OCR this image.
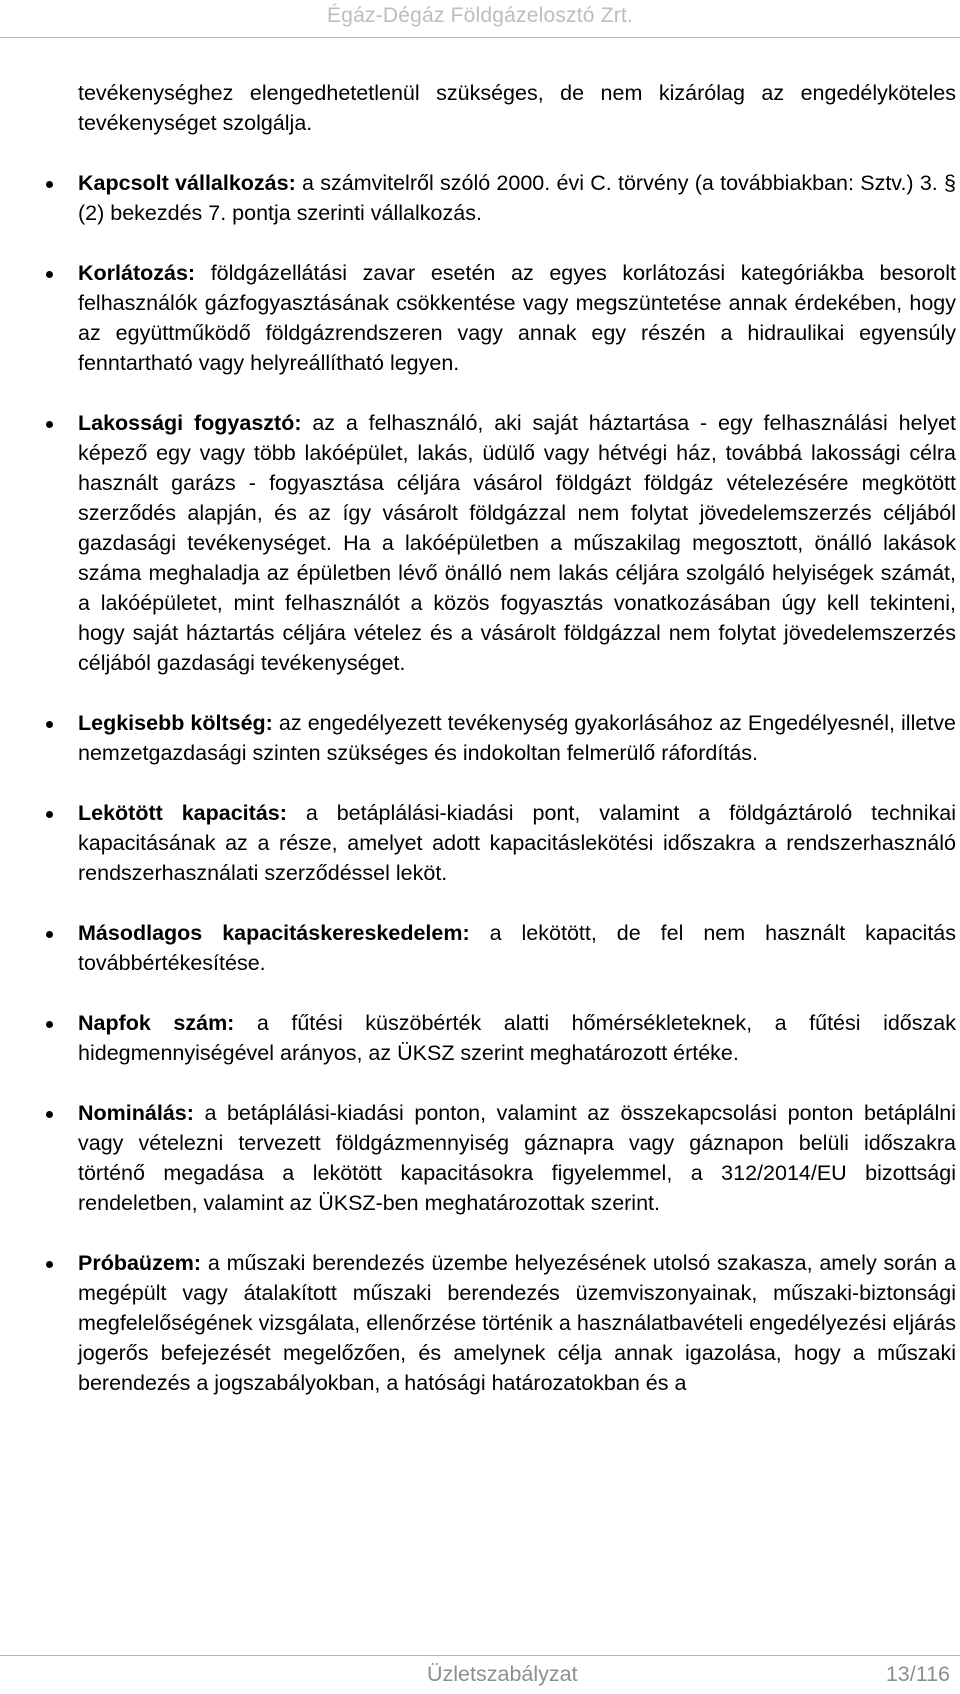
Égáz-Dégáz Földgázelosztó Zrt.

tevékenységhez elengedhetetlenül szükséges, de nem kizárólag az engedélyköteles tevékenységet szolgálja.

Kapcsolt vállalkozás: a számvitelről szóló 2000. évi C. törvény (a továbbiakban: Sztv.) 3. § (2) bekezdés 7. pontja szerinti vállalkozás.
Korlátozás: földgázellátási zavar esetén az egyes korlátozási kategóriákba besorolt felhasználók gázfogyasztásának csökkentése vagy megszüntetése annak érdekében, hogy az együttműködő földgázrendszeren vagy annak egy részén a hidraulikai egyensúly fenntartható vagy helyreállítható legyen.
Lakossági fogyasztó: az a felhasználó, aki saját háztartása - egy felhasználási helyet képező egy vagy több lakóépület, lakás, üdülő vagy hétvégi ház, továbbá lakossági célra használt garázs - fogyasztása céljára vásárol földgázt földgáz vételezésére megkötött szerződés alapján, és az így vásárolt földgázzal nem folytat jövedelemszerzés céljából gazdasági tevékenységet. Ha a lakóépületben a műszakilag megosztott, önálló lakások száma meghaladja az épületben lévő önálló nem lakás céljára szolgáló helyiségek számát, a lakóépületet, mint felhasználót a közös fogyasztás vonatkozásában úgy kell tekinteni, hogy saját háztartás céljára vételez és a vásárolt földgázzal nem folytat jövedelemszerzés céljából gazdasági tevékenységet.
Legkisebb költség: az engedélyezett tevékenység gyakorlásához az Engedélyesnél, illetve nemzetgazdasági szinten szükséges és indokoltan felmerülő ráfordítás.
Lekötött kapacitás: a betáplálási-kiadási pont, valamint a földgáztároló technikai kapacitásának az a része, amelyet adott kapacitáslekötési időszakra a rendszerhasználó rendszerhasználati szerződéssel leköt.
Másodlagos kapacitáskereskedelem: a lekötött, de fel nem használt kapacitás továbbértékesítése.
Napfok szám: a fűtési küszöbérték alatti hőmérsékleteknek, a fűtési időszak hidegmennyiségével arányos, az ÜKSZ szerint meghatározott értéke.
Nominálás: a betáplálási-kiadási ponton, valamint az összekapcsolási ponton betáplálni vagy vételezni tervezett földgázmennyiség gáznapra vagy gáznapon belüli időszakra történő megadása a lekötött kapacitásokra figyelemmel, a 312/2014/EU bizottsági rendeletben, valamint az ÜKSZ-ben meghatározottak szerint.
Próbaüzem: a műszaki berendezés üzembe helyezésének utolsó szakasza, amely során a megépült vagy átalakított műszaki berendezés üzemviszonyainak, műszaki-biztonsági megfelelőségének vizsgálata, ellenőrzése történik a használatbavételi engedélyezési eljárás jogerős befejezését megelőzően, és amelynek célja annak igazolása, hogy a műszaki berendezés a jogszabályokban, a hatósági határozatokban és a
Üzletszabályzat	13/116
